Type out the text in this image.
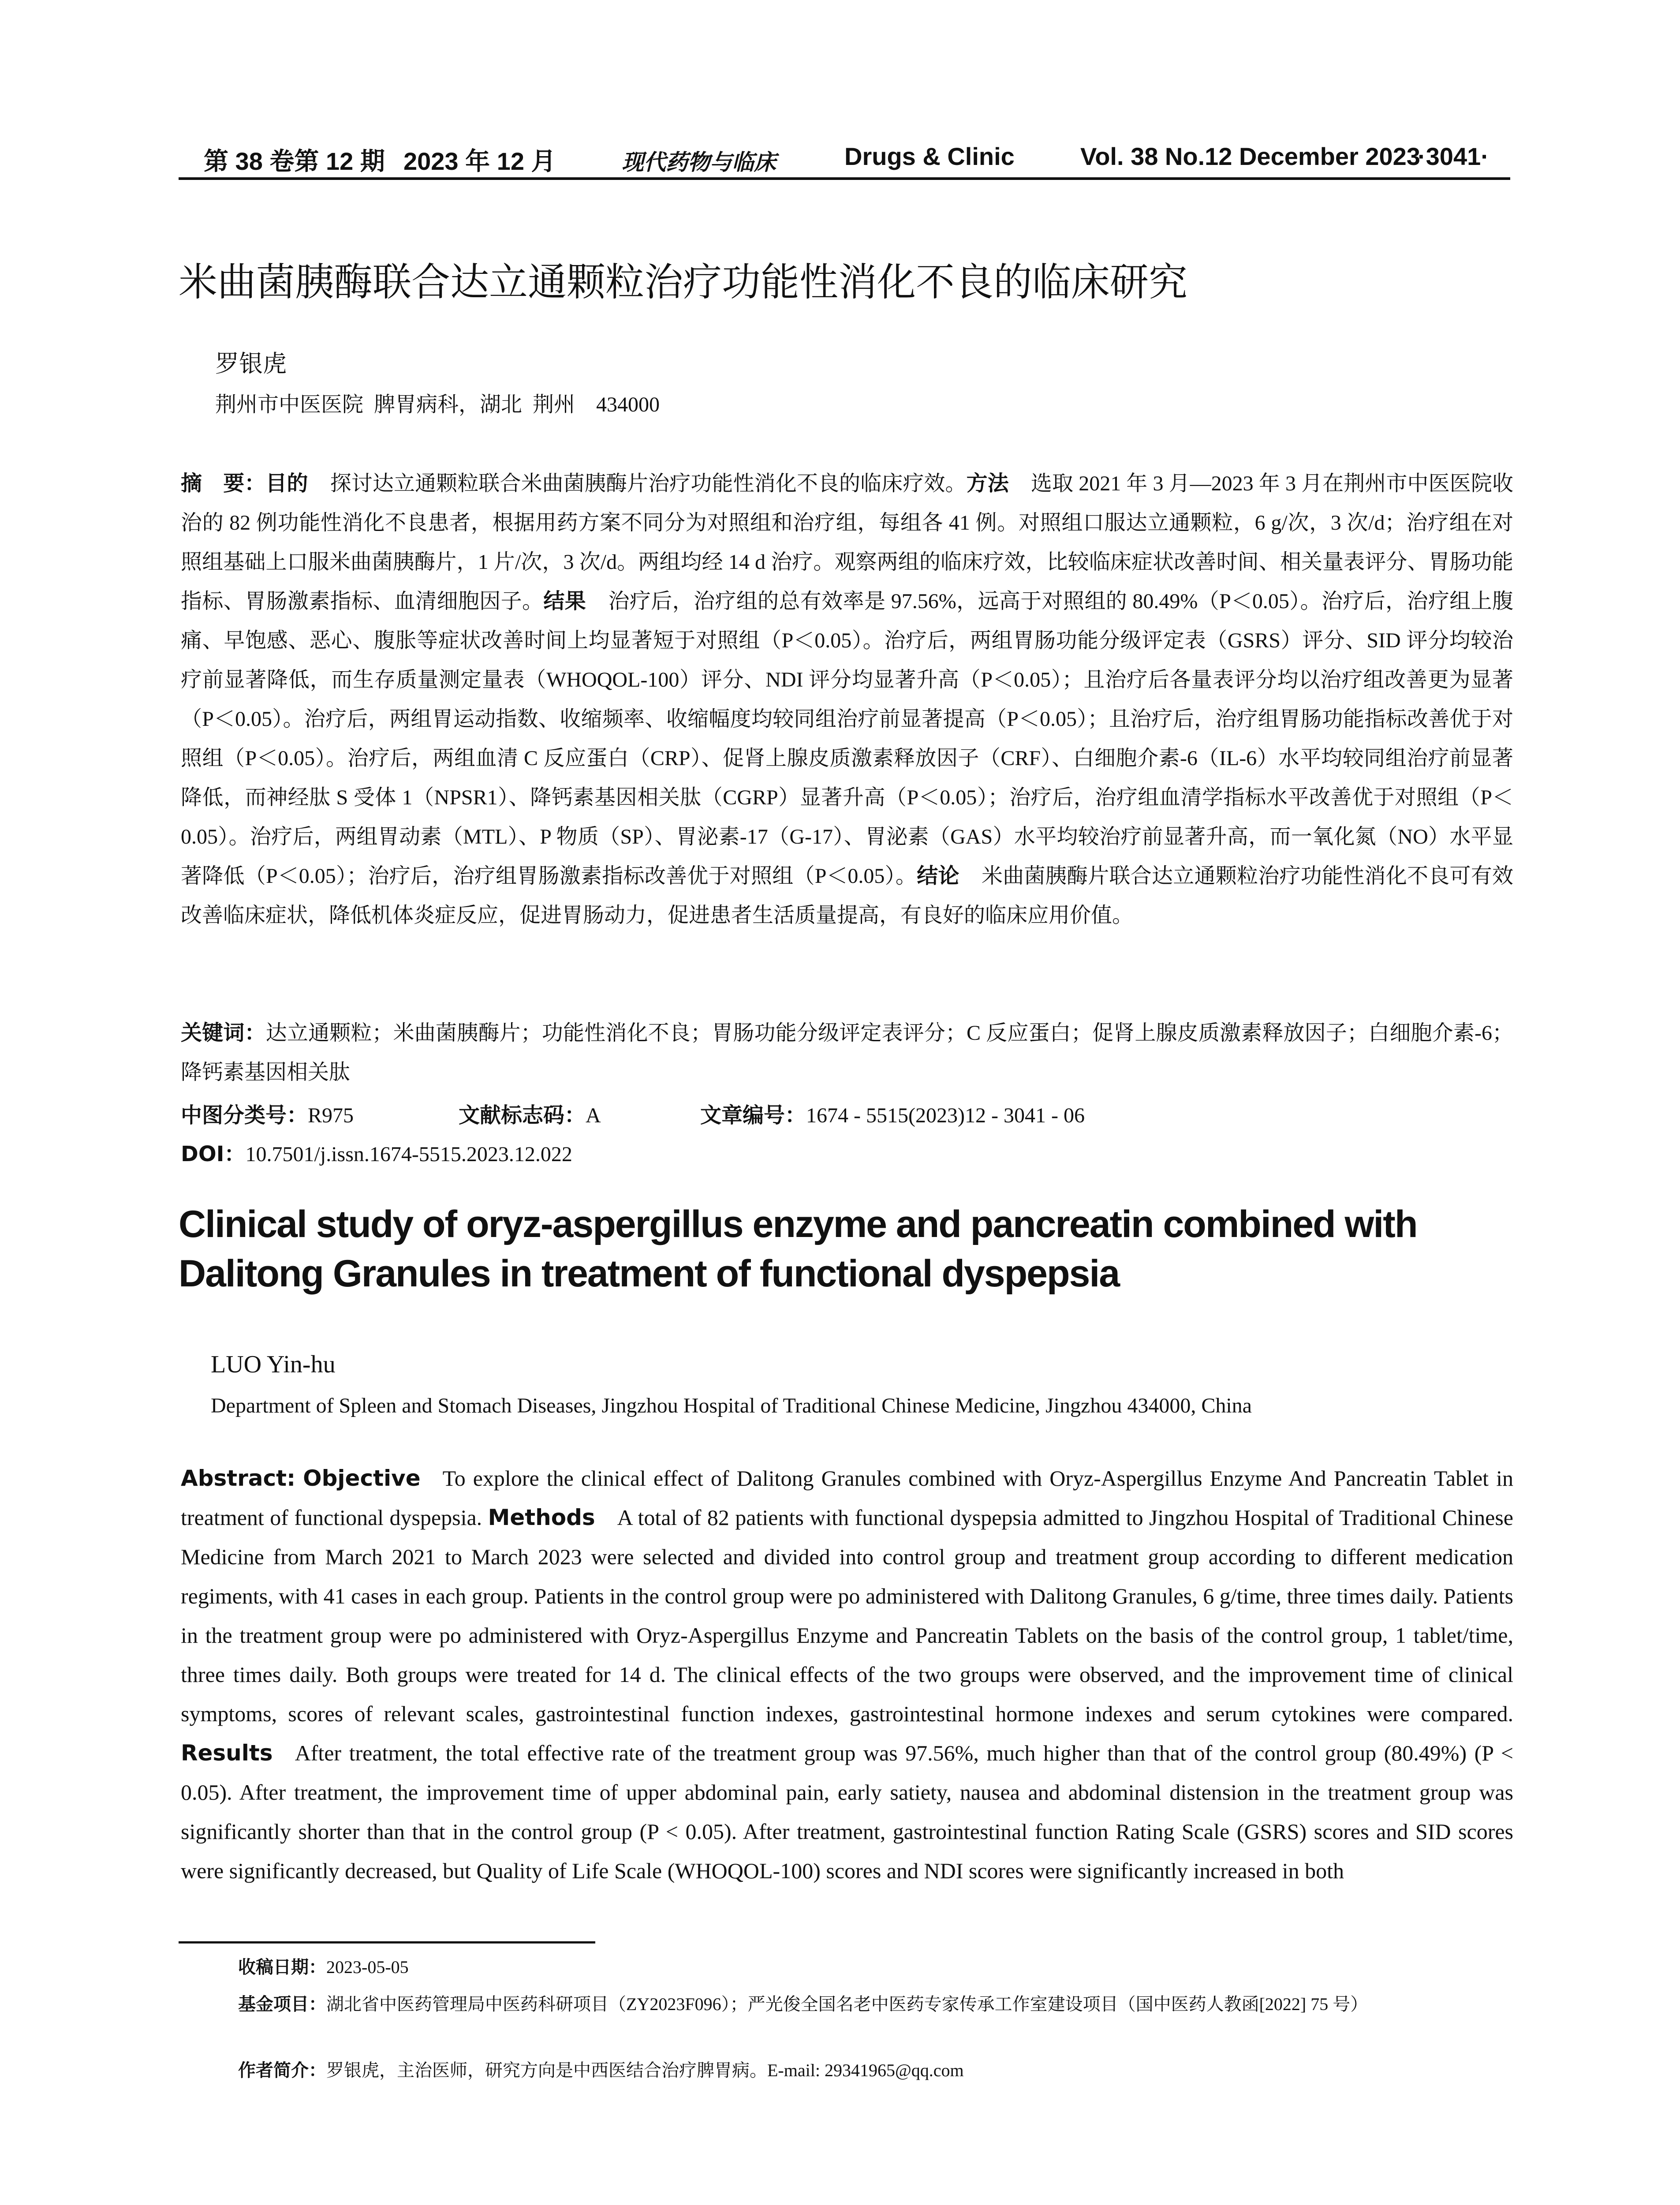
第 38 卷第 12 期 2023 年 12 月	现代药物与临床	Drugs & Clinic	Vol. 38 No.12 December 2023
·3041·
米曲菌胰酶联合达立通颗粒治疗功能性消化不良的临床研究
罗银虎
荆州市中医医院  脾胃病科，湖北  荆州    434000
摘　要：目的 探讨达立通颗粒联合米曲菌胰酶片治疗功能性消化不良的临床疗效。方法 选取 2021 年 3 月—2023 年 3 月在荆州市中医医院收治的 82 例功能性消化不良患者，根据用药方案不同分为对照组和治疗组，每组各 41 例。对照组口服达立通颗粒，6 g/次，3 次/d；治疗组在对照组基础上口服米曲菌胰酶片，1 片/次，3 次/d。两组均经 14 d 治疗。观察两组的临床疗效，比较临床症状改善时间、相关量表评分、胃肠功能指标、胃肠激素指标、血清细胞因子。结果 治疗后，治疗组的总有效率是 97.56%，远高于对照组的 80.49%（P＜0.05）。治疗后，治疗组上腹痛、早饱感、恶心、腹胀等症状改善时间上均显著短于对照组（P＜0.05）。治疗后，两组胃肠功能分级评定表（GSRS）评分、SID 评分均较治疗前显著降低，而生存质量测定量表（WHOQOL-100）评分、NDI 评分均显著升高（P＜0.05）；且治疗后各量表评分均以治疗组改善更为显著（P＜0.05）。治疗后，两组胃运动指数、收缩频率、收缩幅度均较同组治疗前显著提高（P＜0.05）；且治疗后，治疗组胃肠功能指标改善优于对照组（P＜0.05）。治疗后，两组血清 C 反应蛋白（CRP）、促肾上腺皮质激素释放因子（CRF）、白细胞介素-6（IL-6）水平均较同组治疗前显著降低，而神经肽 S 受体 1（NPSR1）、降钙素基因相关肽（CGRP）显著升高（P＜0.05）；治疗后，治疗组血清学指标水平改善优于对照组（P＜0.05）。治疗后，两组胃动素（MTL）、P 物质（SP）、胃泌素-17（G-17）、胃泌素（GAS）水平均较治疗前显著升高，而一氧化氮（NO）水平显著降低（P＜0.05）；治疗后，治疗组胃肠激素指标改善优于对照组（P＜0.05）。结论 米曲菌胰酶片联合达立通颗粒治疗功能性消化不良可有效改善临床症状，降低机体炎症反应，促进胃肠动力，促进患者生活质量提高，有良好的临床应用价值。
关键词：达立通颗粒；米曲菌胰酶片；功能性消化不良；胃肠功能分级评定表评分；C 反应蛋白；促肾上腺皮质激素释放因子；白细胞介素-6；降钙素基因相关肽
中图分类号：R975	文献标志码：A	文章编号：1674 - 5515(2023)12 - 3041 - 06
DOI：10.7501/j.issn.1674-5515.2023.12.022
Clinical study of oryz-aspergillus enzyme and pancreatin combined with Dalitong Granules in treatment of functional dyspepsia
LUO Yin-hu
Department of Spleen and Stomach Diseases, Jingzhou Hospital of Traditional Chinese Medicine, Jingzhou 434000, China
Abstract: Objective To explore the clinical effect of Dalitong Granules combined with Oryz-Aspergillus Enzyme And Pancreatin Tablet in treatment of functional dyspepsia. Methods A total of 82 patients with functional dyspepsia admitted to Jingzhou Hospital of Traditional Chinese Medicine from March 2021 to March 2023 were selected and divided into control group and treatment group according to different medication regiments, with 41 cases in each group. Patients in the control group were po administered with Dalitong Granules, 6 g/time, three times daily. Patients in the treatment group were po administered with Oryz-Aspergillus Enzyme and Pancreatin Tablets on the basis of the control group, 1 tablet/time, three times daily. Both groups were treated for 14 d. The clinical effects of the two groups were observed, and the improvement time of clinical symptoms, scores of relevant scales, gastrointestinal function indexes, gastrointestinal hormone indexes and serum cytokines were compared. Results After treatment, the total effective rate of the treatment group was 97.56%, much higher than that of the control group (80.49%) (P < 0.05). After treatment, the improvement time of upper abdominal pain, early satiety, nausea and abdominal distension in the treatment group was significantly shorter than that in the control group (P < 0.05). After treatment, gastrointestinal function Rating Scale (GSRS) scores and SID scores were significantly decreased, but Quality of Life Scale (WHOQOL-100) scores and NDI scores were significantly increased in both
收稿日期：2023-05-05
基金项目：湖北省中医药管理局中医药科研项目（ZY2023F096）；严光俊全国名老中医药专家传承工作室建设项目（国中医药人教函[2022] 75 号）
作者简介：罗银虎，主治医师，研究方向是中西医结合治疗脾胃病。E-mail: 29341965@qq.com
